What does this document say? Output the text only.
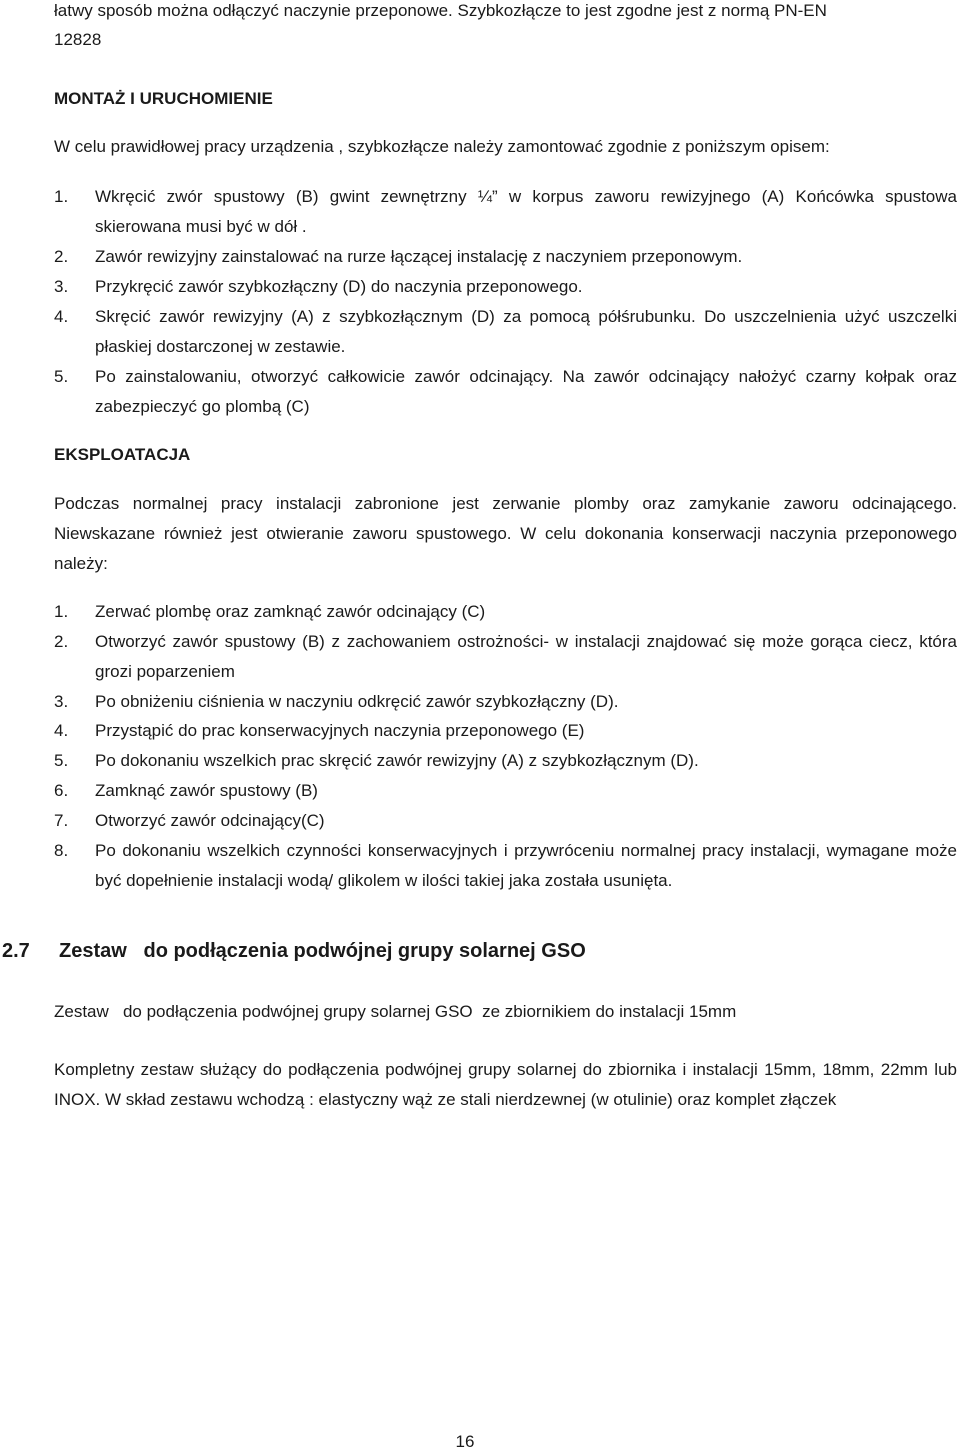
łatwy sposób można odłączyć naczynie przeponowe. Szybkozłącze to jest zgodne jest z normą PN-EN

12828

MONTAŻ I URUCHOMIENIE

W celu prawidłowej pracy urządzenia , szybkozłącze należy zamontować zgodnie z poniższym opisem:

1.	Wkręcić zwór spustowy (B) gwint zewnętrzny ¼” w korpus zaworu rewizyjnego (A) Końcówka spustowa skierowana musi być w dół .
2.	Zawór rewizyjny zainstalować na rurze łączącej instalację z naczyniem przeponowym.
3.	Przykręcić zawór szybkozłączny (D) do naczynia przeponowego.
4.	Skręcić zawór rewizyjny (A) z szybkozłącznym (D) za pomocą półśrubunku. Do uszczelnienia użyć uszczelki płaskiej dostarczonej w zestawie.
5.	Po zainstalowaniu, otworzyć całkowicie zawór odcinający. Na zawór odcinający nałożyć czarny kołpak oraz zabezpieczyć go plombą (C)

EKSPLOATACJA

Podczas normalnej pracy instalacji zabronione jest zerwanie plomby oraz zamykanie zaworu odcinającego. Niewskazane również jest otwieranie zaworu spustowego. W celu dokonania konserwacji naczynia przeponowego należy:

1.	Zerwać plombę oraz zamknąć zawór odcinający (C)
2.	Otworzyć zawór spustowy (B) z zachowaniem ostrożności- w instalacji znajdować się może gorąca ciecz, która grozi poparzeniem
3.	Po obniżeniu ciśnienia w naczyniu odkręcić zawór szybkozłączny (D).
4.	Przystąpić do prac konserwacyjnych naczynia przeponowego (E)
5.	Po dokonaniu wszelkich prac skręcić zawór rewizyjny (A) z szybkozłącznym (D).
6.	Zamknąć zawór spustowy (B)
7.	Otworzyć zawór odcinający(C)
8.	Po dokonaniu wszelkich czynności konserwacyjnych i przywróceniu normalnej pracy instalacji, wymagane może być dopełnienie instalacji wodą/ glikolem w ilości takiej jaka została usunięta.
2.7 Zestaw   do podłączenia podwójnej grupy solarnej GSO

Zestaw   do podłączenia podwójnej grupy solarnej GSO  ze zbiornikiem do instalacji 15mm

Kompletny zestaw służący do podłączenia podwójnej grupy solarnej do zbiornika i instalacji 15mm, 18mm, 22mm lub INOX. W skład zestawu wchodzą : elastyczny wąż ze stali nierdzewnej (w otulinie) oraz komplet złączek

16
